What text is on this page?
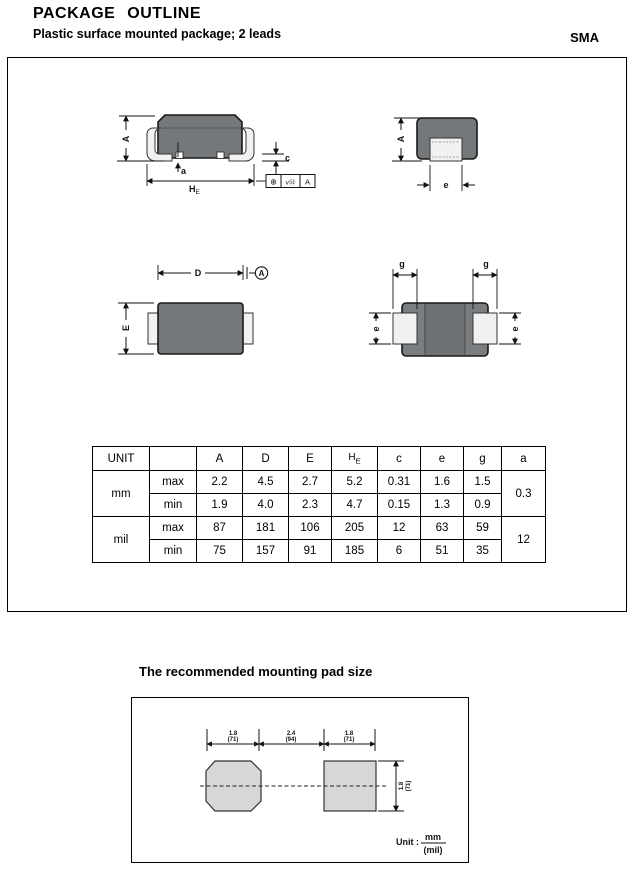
PACKAGE OUTLINE
Plastic surface mounted package; 2 leads	SMA
A
a
HE
c
⊕ vⓂ A
A
e
D	A
E
g	g
e	e
UNIT		A	D	E	$H_E$	c	e	g	a
mm	max	2.2	4.5	2.7	5.2	0.31	1.6	1.5	0.3
	min	1.9	4.0	2.3	4.7	0.15	1.3	0.9	
mil	max	87	181	106	205	12	63	59	12
	min	75	157	91	185	6	51	35	
The recommended mounting pad size
1.8
(71)
2.4
(94)
1.8
(71)
1.8 (71)
Unit : mm
(mil)
